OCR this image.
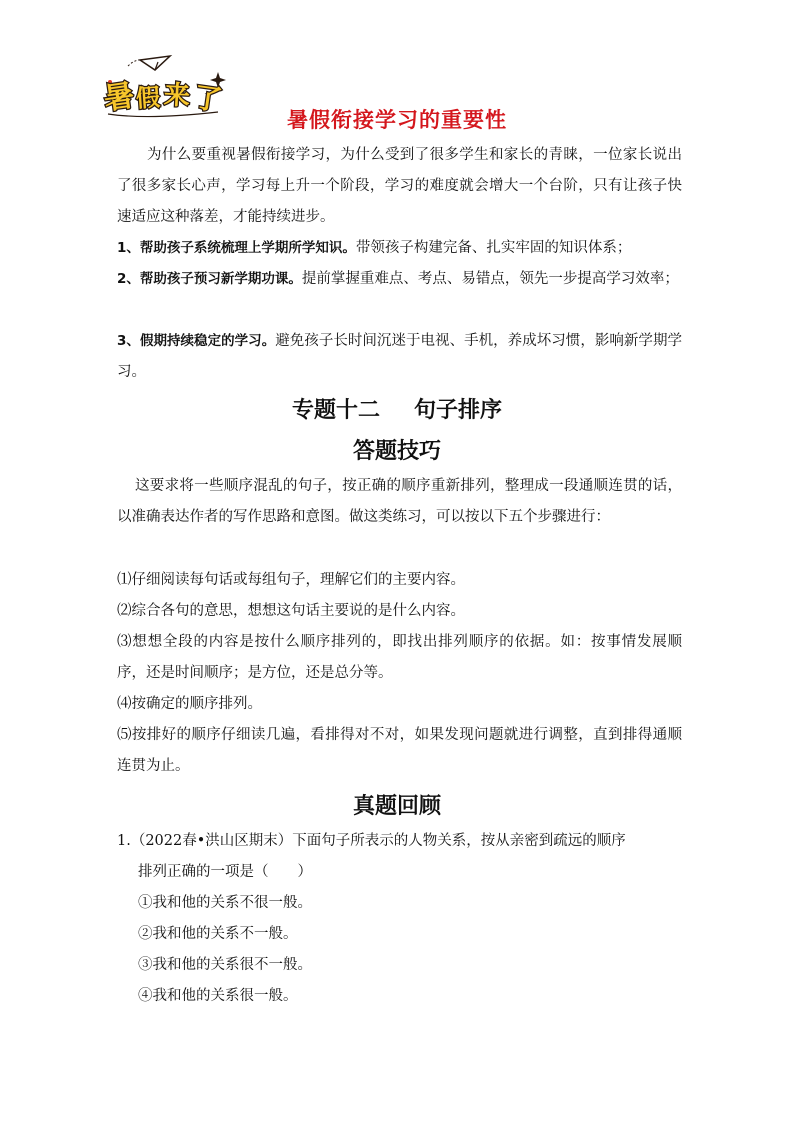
暑
假 来 了
暑假衔接学习的重要性
为什么要重视暑假衔接学习，为什么受到了很多学生和家长的青睐，一位家长说出了很多家长心声，学习每上升一个阶段，学习的难度就会增大一个台阶，只有让孩子快速适应这种落差，才能持续进步。
1、帮助孩子系统梳理上学期所学知识。带领孩子构建完备、扎实牢固的知识体系；
2、帮助孩子预习新学期功课。提前掌握重难点、考点、易错点，领先一步提高学习效率；
3、假期持续稳定的学习。避免孩子长时间沉迷于电视、手机，养成坏习惯，影响新学期学习。
专题十二 句子排序
答题技巧
这要求将一些顺序混乱的句子，按正确的顺序重新排列，整理成一段通顺连贯的话，以准确表达作者的写作思路和意图。做这类练习，可以按以下五个步骤进行：
⑴仔细阅读每句话或每组句子，理解它们的主要内容。
⑵综合各句的意思，想想这句话主要说的是什么内容。
⑶想想全段的内容是按什么顺序排列的，即找出排列顺序的依据。如：按事情发展顺序，还是时间顺序；是方位，还是总分等。
⑷按确定的顺序排列。
⑸按排好的顺序仔细读几遍，看排得对不对，如果发现问题就进行调整，直到排得通顺连贯为止。
真题回顾
1.（2022春•洪山区期末）下面句子所表示的人物关系，按从亲密到疏远的顺序
排列正确的一项是（　　）
①我和他的关系不很一般。
②我和他的关系不一般。
③我和他的关系很不一般。
④我和他的关系很一般。
